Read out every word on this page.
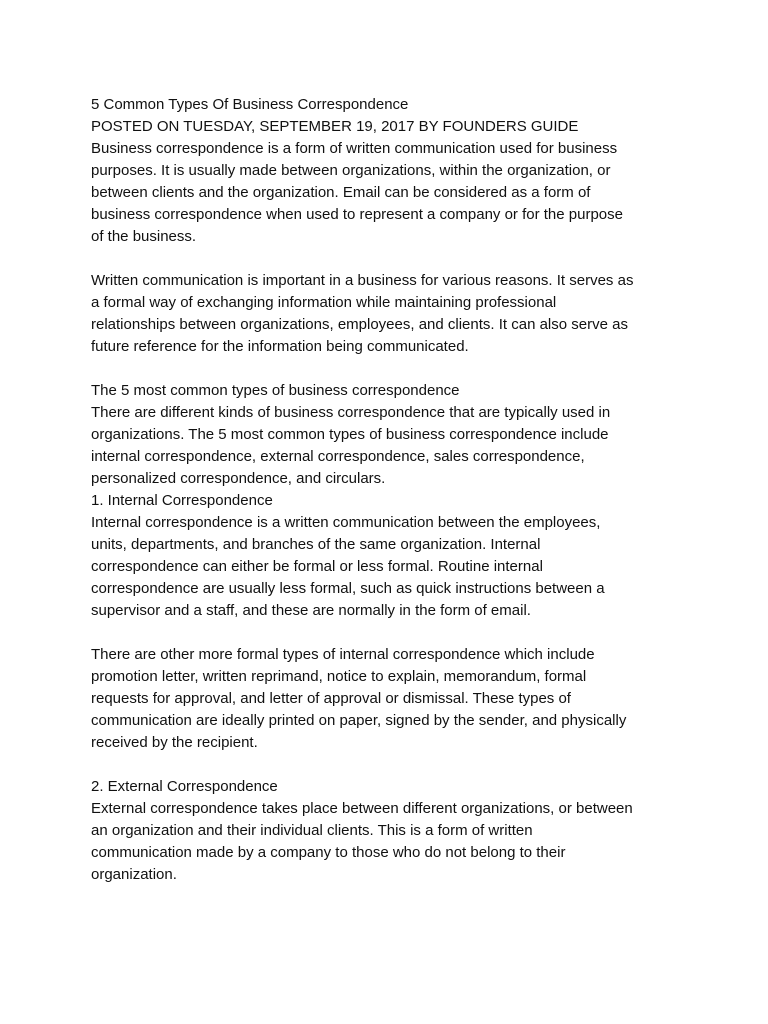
5 Common Types Of Business Correspondence
POSTED ON TUESDAY, SEPTEMBER 19, 2017 BY FOUNDERS GUIDE
Business correspondence is a form of written communication used for business
purposes. It is usually made between organizations, within the organization, or
between clients and the organization. Email can be considered as a form of
business correspondence when used to represent a company or for the purpose
of the business.
Written communication is important in a business for various reasons. It serves as
a formal way of exchanging information while maintaining professional
relationships between organizations, employees, and clients. It can also serve as
future reference for the information being communicated.
The 5 most common types of business correspondence
There are different kinds of business correspondence that are typically used in
organizations. The 5 most common types of business correspondence include
internal correspondence, external correspondence, sales correspondence,
personalized correspondence, and circulars.
1. Internal Correspondence
Internal correspondence is a written communication between the employees,
units, departments, and branches of the same organization. Internal
correspondence can either be formal or less formal. Routine internal
correspondence are usually less formal, such as quick instructions between a
supervisor and a staff, and these are normally in the form of email.
There are other more formal types of internal correspondence which include
promotion letter, written reprimand, notice to explain, memorandum, formal
requests for approval, and letter of approval or dismissal. These types of
communication are ideally printed on paper, signed by the sender, and physically
received by the recipient.
2. External Correspondence
External correspondence takes place between different organizations, or between
an organization and their individual clients. This is a form of written
communication made by a company to those who do not belong to their
organization.
